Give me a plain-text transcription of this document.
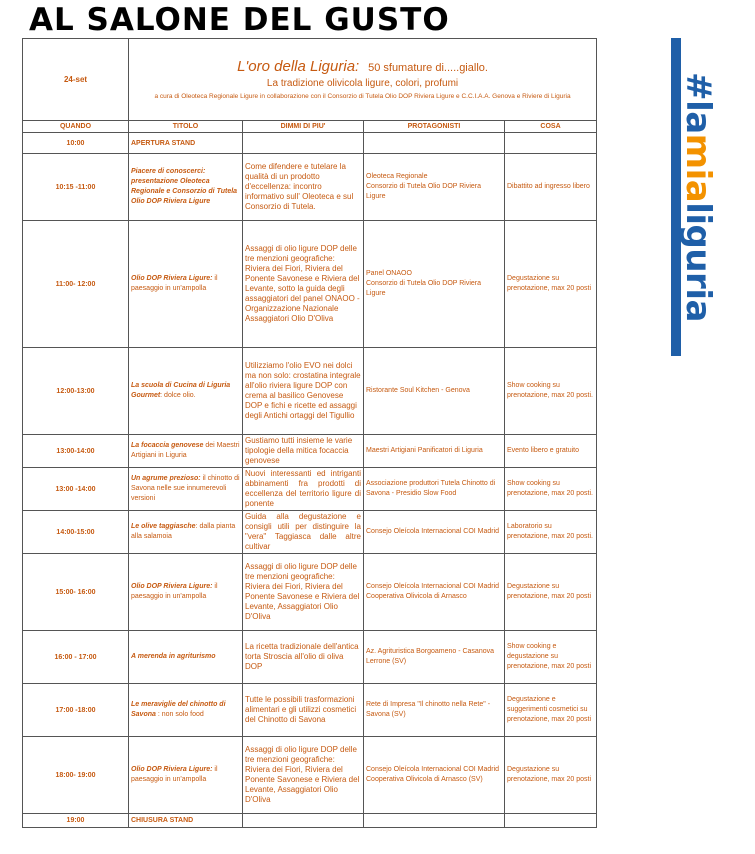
AL SALONE DEL GUSTO
#lamialiguria
24-set	L'oro della Liguria: 50 sfumature di.....giallo.
La tradizione olivicola ligure, colori, profumi
a cura di Oleoteca Regionale Ligure in collaborazione con il Consorzio di Tutela Olio DOP Riviera Ligure e C.C.I.A.A. Genova e Riviere di Liguria			

QUANDO	TITOLO	DIMMI DI PIU'	PROTAGONISTI	COSA
10:00	APERTURA STAND			
10:15 -11:00	Piacere di conoscerci: presentazione Oleoteca Regionale e Consorzio di Tutela Olio DOP Riviera Ligure	Come difendere e tutelare la qualità di un prodotto d'eccellenza: incontro informativo sull' Oleoteca e sul Consorzio di Tutela.	Oleoteca Regionale
Consorzio di Tutela Olio DOP Riviera Ligure	Dibattito ad ingresso libero
11:00- 12:00	Olio DOP Riviera Ligure: il paesaggio in un'ampolla	Assaggi di olio ligure DOP delle tre menzioni geografiche: Riviera dei Fiori, Riviera del Ponente Savonese e Riviera del Levante, sotto la guida degli assaggiatori del panel ONAOO - Organizzazione Nazionale Assaggiatori Olio D'Oliva	Panel ONAOO
Consorzio di Tutela Olio DOP Riviera Ligure	Degustazione su prenotazione, max 20 posti
12:00-13:00	La scuola di Cucina di Liguria Gourmet: dolce olio.	Utilizziamo l'olio EVO nei dolci ma non solo: crostatina integrale all'olio riviera ligure DOP con crema al basilico Genovese DOP e fichi e ricette ed assaggi degli Antichi ortaggi del Tigullio	Ristorante Soul Kitchen - Genova	Show cooking su prenotazione, max 20 posti.
13:00-14:00	La focaccia genovese dei Maestri Artigiani in Liguria	Gustiamo tutti insieme le varie tipologie della mitica focaccia genovese	Maestri Artigiani Panificatori di Liguria	Evento libero e gratuito
13:00 -14:00	Un agrume prezioso: il chinotto di Savona nelle sue innumerevoli versioni	Nuovi interessanti ed intriganti abbinamenti fra prodotti di eccellenza del territorio ligure di ponente	Associazione produttori Tutela Chinotto di Savona - Presidio Slow Food	Show cooking su prenotazione, max 20 posti.
14:00-15:00	Le olive taggiasche: dalla pianta alla salamoia	Guida alla degustazione e consigli utili per distinguire la "vera" Taggiasca dalle altre cultivar	Consejo Oleícola Internacional COI Madrid	Laboratorio su prenotazione, max 20 posti.
15:00- 16:00	Olio DOP Riviera Ligure: il paesaggio in un'ampolla	Assaggi di olio ligure DOP delle tre menzioni geografiche: Riviera dei Fiori, Riviera del Ponente Savonese e Riviera del Levante, Assaggiatori Olio D'Oliva	Consejo Oleícola Internacional COI Madrid
Cooperativa Olivicola di Arnasco	Degustazione su prenotazione, max 20 posti
16:00 - 17:00	A merenda in agriturismo	La ricetta tradizionale dell'antica torta Strosciа all'olio di oliva DOP	Az. Agrituristica Borgoameno - Casanova Lerrone (SV)	Show cooking e degustazione su prenotazione, max 20 posti
17:00 -18:00	Le meraviglie del chinotto di Savona : non solo food	Tutte le possibili trasformazioni alimentari e gli utilizzi cosmetici del Chinotto di Savona	Rete di Impresa "Il chinotto nella Rete" - Savona (SV)	Degustazione e suggerimenti cosmetici su prenotazione, max 20 posti
18:00- 19:00	Olio DOP Riviera Ligure: il paesaggio in un'ampolla	Assaggi di olio ligure DOP delle tre menzioni geografiche: Riviera dei Fiori, Riviera del Ponente Savonese e Riviera del Levante, Assaggiatori Olio D'Oliva	Consejo Oleícola Internacional COI Madrid
Cooperativa Olivicola di Arnasco (SV)	Degustazione su prenotazione, max 20 posti
19:00	CHIUSURA STAND			
